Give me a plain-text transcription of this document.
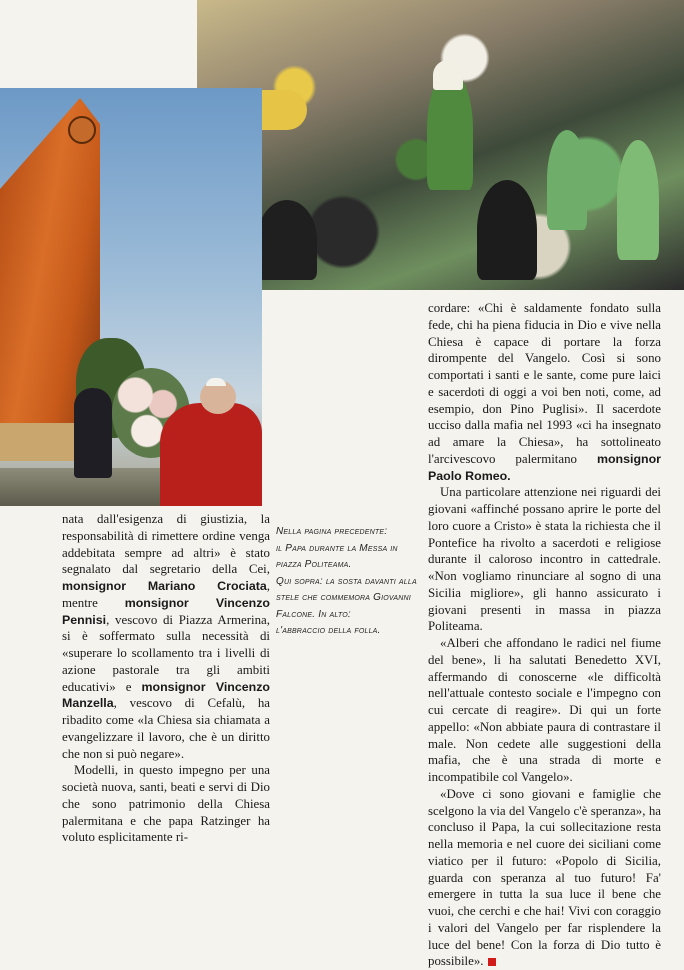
nata dall'esigenza di giustizia, la responsabilità di rimettere ordine venga addebitata sempre ad altri» è stato segnalato dal segretario della Cei, monsignor Mariano Crociata, mentre monsignor Vincenzo Pennisi, vescovo di Piazza Armerina, si è soffermato sulla necessità di «superare lo scollamento tra i livelli di azione pastorale tra gli ambiti educativi» e monsignor Vincenzo Manzella, vescovo di Cefalù, ha ribadito come «la Chiesa sia chiamata a evangelizzare il lavoro, che è un diritto che non si può negare».

Modelli, in questo impegno per una società nuova, santi, beati e servi di Dio che sono patrimonio della Chiesa palermitana e che papa Ratzinger ha voluto esplicitamente ri-

Nella pagina precedente:
il Papa durante la Messa in piazza Politeama.
Qui sopra: la sosta davanti alla stele che commemora Giovanni Falcone. In alto:
l'abbraccio della folla.

cordare: «Chi è saldamente fondato sulla fede, chi ha piena fiducia in Dio e vive nella Chiesa è capace di portare la forza dirompente del Vangelo. Così si sono comportati i santi e le sante, come pure laici e sacerdoti di oggi a voi ben noti, come, ad esempio, don Pino Puglisi». Il sacerdote ucciso dalla mafia nel 1993 «ci ha insegnato ad amare la Chiesa», ha sottolineato l'arcivescovo palermitano monsignor Paolo Romeo.

Una particolare attenzione nei riguardi dei giovani «affinché possano aprire le porte del loro cuore a Cristo» è stata la richiesta che il Pontefice ha rivolto a sacerdoti e religiose durante il caloroso incontro in cattedrale. «Non vogliamo rinunciare al sogno di una Sicilia migliore», gli hanno assicurato i giovani presenti in massa in piazza Politeama.

«Alberi che affondano le radici nel fiume del bene», li ha salutati Benedetto XVI, affermando di conoscerne «le difficoltà nell'attuale contesto sociale e l'impegno con cui cercate di reagire». Di qui un forte appello: «Non abbiate paura di contrastare il male. Non cedete alle suggestioni della mafia, che è una strada di morte e incompatibile col Vangelo».

«Dove ci sono giovani e famiglie che scelgono la via del Vangelo c'è speranza», ha concluso il Papa, la cui sollecitazione resta nella memoria e nel cuore dei siciliani come viatico per il futuro: «Popolo di Sicilia, guarda con speranza al tuo futuro! Fa' emergere in tutta la sua luce il bene che vuoi, che cerchi e che hai! Vivi con coraggio i valori del Vangelo per far risplendere la luce del bene! Con la forza di Dio tutto è possibile».
